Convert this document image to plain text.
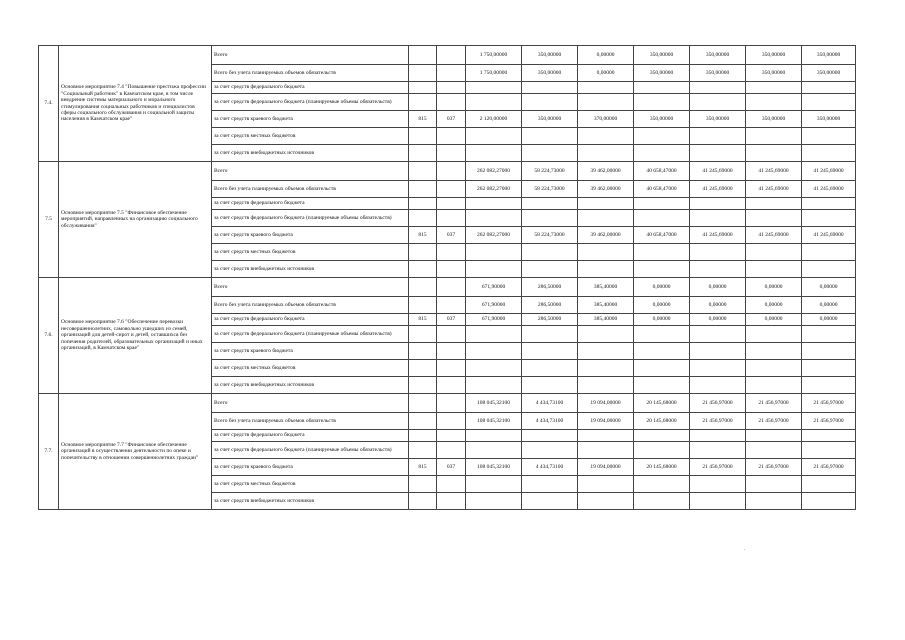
7.4.	Основное мероприятие 7.4 "Повышение престижа профессии "Социальный работник" в Камчатском крае, в том числе внедрение системы материального и морального стимулирования социальных работников и специалистов сферы социального обслуживания и социальной защиты населения в Камчатском крае"	Всего			1 750,00000	350,00000	0,00000	350,00000	350,00000	350,00000	350,00000
		Всего без учета планируемых объемов обязательств			1 750,00000	350,00000	0,00000	350,00000	350,00000	350,00000	350,00000
		за счет средств федерального бюджета									
		за счет средств федерального бюджета (планируемые объемы обязательств)									
		за счет средств краевого бюджета	815	037	2 120,00000	350,00000	370,00000	350,00000	350,00000	350,00000	350,00000
		за счет средств местных бюджетов									
		за счет средств внебюджетных источников									
7.5	Основное мероприятие 7.5 "Финансовое обеспечение мероприятий, направленных на организацию социального обслуживания"	Всего			262 082,27000	58 224,73000	39 462,00000	40 658,47000	41 245,69000	41 245,69000	41 245,69000
		Всего без учета планируемых объемов обязательств			262 082,27000	58 224,73000	39 462,00000	40 658,47000	41 245,69000	41 245,69000	41 245,69000
		за счет средств федерального бюджета									
		за счет средств федерального бюджета (планируемые объемы обязательств)									
		за счет средств краевого бюджета	815	037	262 082,27000	58 224,73000	39 462,00000	40 658,47000	41 245,69000	41 245,69000	41 245,69000
		за счет средств местных бюджетов									
		за счет средств внебюджетных источников									
7.6.	Основное мероприятие 7.6 "Обеспечение перевозки несовершеннолетних, самовольно ушедших из семей, организаций для детей-сирот и детей, оставшихся без попечения родителей, образовательных организаций и иных организаций, в Камчатском крае"	Всего			671,90000	286,50000	385,40000	0,00000	0,00000	0,00000	0,00000
		Всего без учета планируемых объемов обязательств			671,90000	286,50000	385,40000	0,00000	0,00000	0,00000	0,00000
		за счет средств федерального бюджета	815	037	671,90000	286,50000	385,40000	0,00000	0,00000	0,00000	0,00000
		за счет средств федерального бюджета (планируемые объемы обязательств)									
		за счет средств краевого бюджета									
		за счет средств местных бюджетов									
		за счет средств внебюджетных источников									
7.7.	Основное мероприятие 7.7 "Финансовое обеспечение организаций в осуществлении деятельности по опеке и попечительству в отношении совершеннолетних граждан"	Всего			108 045,32100	4 434,73100	19 094,00000	20 145,68000	21 456,97000	21 456,97000	21 456,97000
		Всего без учета планируемых объемов обязательств			108 045,32100	4 434,73100	19 094,00000	20 145,68000	21 456,97000	21 456,97000	21 456,97000
		за счет средств федерального бюджета									
		за счет средств федерального бюджета (планируемые объемы обязательств)									
		за счет средств краевого бюджета	815	037	108 045,32100	4 434,73100	19 094,00000	20 145,68000	21 456,97000	21 456,97000	21 456,97000
		за счет средств местных бюджетов									
		за счет средств внебюджетных источников									
.
